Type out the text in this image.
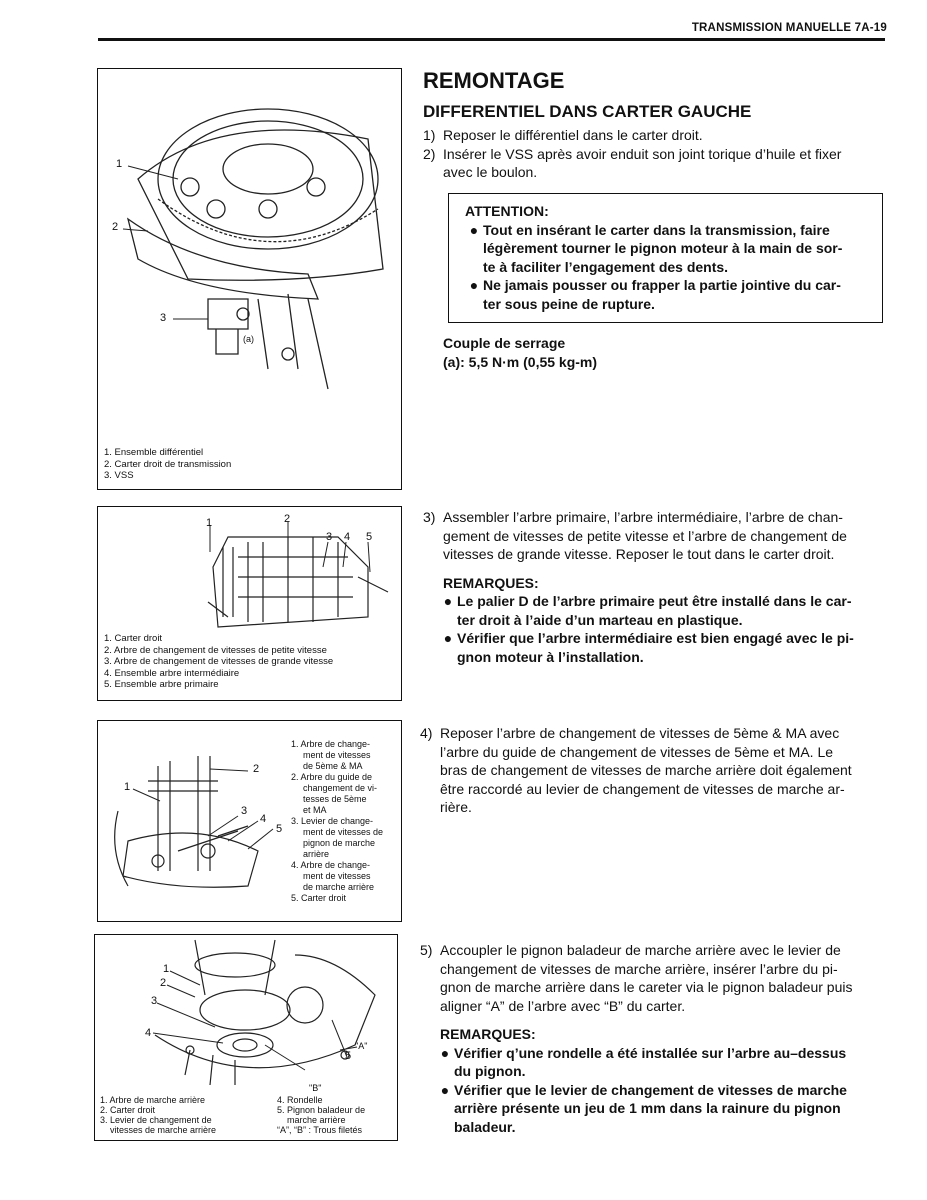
TRANSMISSION MANUELLE 7A-19
1
2
3
(a)
1. Ensemble différentiel
2. Carter droit de transmission
3. VSS
1	2
3 4 5
1. Carter droit
2. Arbre de changement de vitesses de petite vitesse
3. Arbre de changement de vitesses de grande vitesse
4. Ensemble arbre intermédiaire
5. Ensemble arbre primaire
2
1
3
4
5
1. Arbre de change-
ment de vitesses
de 5ème & MA
2. Arbre du guide de
changement de vi-
tesses de 5ème
et MA
3. Levier de change-
ment de vitesses de
pignon de marche
arrière
4. Arbre de change-
ment de vitesses
de marche arrière
5. Carter droit
1
2
3
4
5
"A"
"B"
1. Arbre de marche arrière
2. Carter droit
3. Levier de changement de
vitesses de marche arrière
4. Rondelle
5. Pignon baladeur de
marche arrière
“A”, “B” : Trous filetés
REMONTAGE
DIFFERENTIEL DANS CARTER GAUCHE
1) Reposer le différentiel dans le carter droit.
2) Insérer le VSS après avoir enduit son joint torique d’huile et fixer
avec le boulon.
ATTENTION:
● Tout en insérant le carter dans la transmission, faire
légèrement tourner le pignon moteur à la main de sor-
te à faciliter l’engagement des dents.
● Ne jamais pousser ou frapper la partie jointive du car-
ter sous peine de rupture.
Couple de serrage
(a): 5,5 N·m (0,55 kg-m)
3) Assembler l’arbre primaire, l’arbre intermédiaire, l’arbre de chan-
gement de vitesses de petite vitesse et l’arbre de changement de
vitesses de grande vitesse. Reposer le tout dans le carter droit.
REMARQUES:
● Le palier D de l’arbre primaire peut être installé dans le car-
ter droit à l’aide d’un marteau en plastique.
● Vérifier que l’arbre intermédiaire est bien engagé avec le pi-
gnon moteur à l’installation.
4) Reposer l’arbre de changement de vitesses de 5ème & MA avec
l’arbre du guide de changement de vitesses de 5ème et MA. Le
bras de changement de vitesses de marche arrière doit également
être raccordé au levier de changement de vitesses de marche ar-
rière.
5) Accoupler le pignon baladeur de marche arrière avec le levier de
changement de vitesses de marche arrière, insérer l’arbre du pi-
gnon de marche arrière dans le careter via le pignon baladeur puis
aligner “A” de l’arbre avec “B” du carter.
REMARQUES:
● Vérifier q’une rondelle a été installée sur l’arbre au–dessus
du pignon.
● Vérifier que le levier de changement de vitesses de marche
arrière présente un jeu de 1 mm dans la rainure du pignon
baladeur.
